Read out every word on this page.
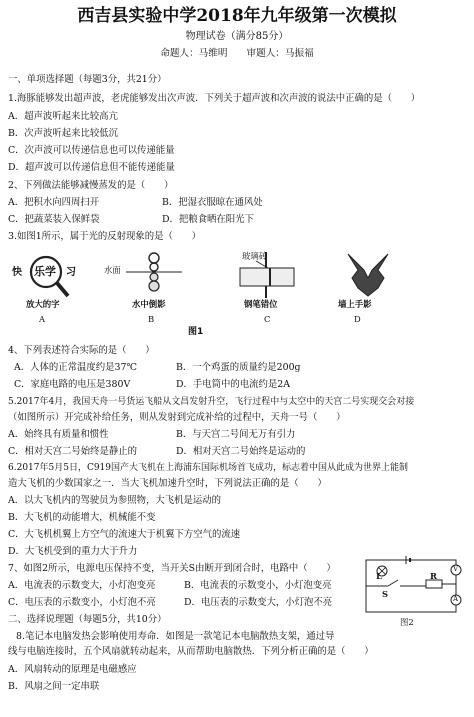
西吉县实验中学2018年九年级第一次模拟
物理试卷（满分85分）
命题人：马维明 审题人：马振福
一、单项选择题（每题3分，共21分）
1.海豚能够发出超声波，老虎能够发出次声波．下列关于超声波和次声波的说法中正确的是（　　）
A．超声波听起来比较高亢
B．次声波听起来比较低沉
C．次声波可以传递信息也可以传递能量
D．超声波可以传递信息但不能传递能量
2、下列做法能够减慢蒸发的是（　　）
A．把积水向四周扫开	B．把湿衣服晾在通风处
C．把蔬菜装入保鲜袋	D．把粮食晒在阳光下
3.如图1所示，属于光的反射现象的是（　　）
快 乐学 习
放大的字
A
水面
水中倒影
B
玻璃砖
钢笔错位
C
墙上手影
D
图1
4、下列表述符合实际的是（　　）
A．人体的正常温度约是37℃	B．一个鸡蛋的质量约是200g
C．家庭电路的电压是380V	D．手电筒中的电流约是2A
5.2017年4月，我国天舟一号货运飞船从文昌发射升空，飞行过程中与太空中的天宫二号实现交会对接
（如图所示）开完成补给任务，则从发射到完成补给的过程中，天舟一号（　　）
A．始终具有质量和惯性	B．与天宫二号间无万有引力
C．相对天宫二号始终是静止的	D．相对天宫二号始终是运动的
6.2017年5月5日，C919国产大飞机在上海浦东国际机场首飞成功，标志着中国从此成为世界上能制
造大飞机的少数国家之一．当大飞机加速升空时，下列说法正确的是（　　）
A．以大飞机内的驾驶员为参照物，大飞机是运动的
B．大飞机的动能增大，机械能不变
C．大飞机机翼上方空气的流速大于机翼下方空气的流速
D．大飞机受到的重力大于升力
7、如图2所示，电源电压保持不变，当开关S由断开到闭合时，电路中（　　）
A．电流表的示数变大，小灯泡变亮	B．电流表的示数变小，小灯泡变亮
C．电压表的示数变小，小灯泡不亮	D．电压表的示数变大，小灯泡不亮
L	R
S
V
A
图2
二、选择说理题（每题5分，共10分）
8.笔记本电脑发热会影响使用寿命．如图是一款笔记本电脑散热支架，通过导
线与电脑连接时，五个风扇就转动起来，从而帮助电脑散热．下列分析正确的是（　　）
A．风扇转动的原理是电磁感应
B．风扇之间一定串联
